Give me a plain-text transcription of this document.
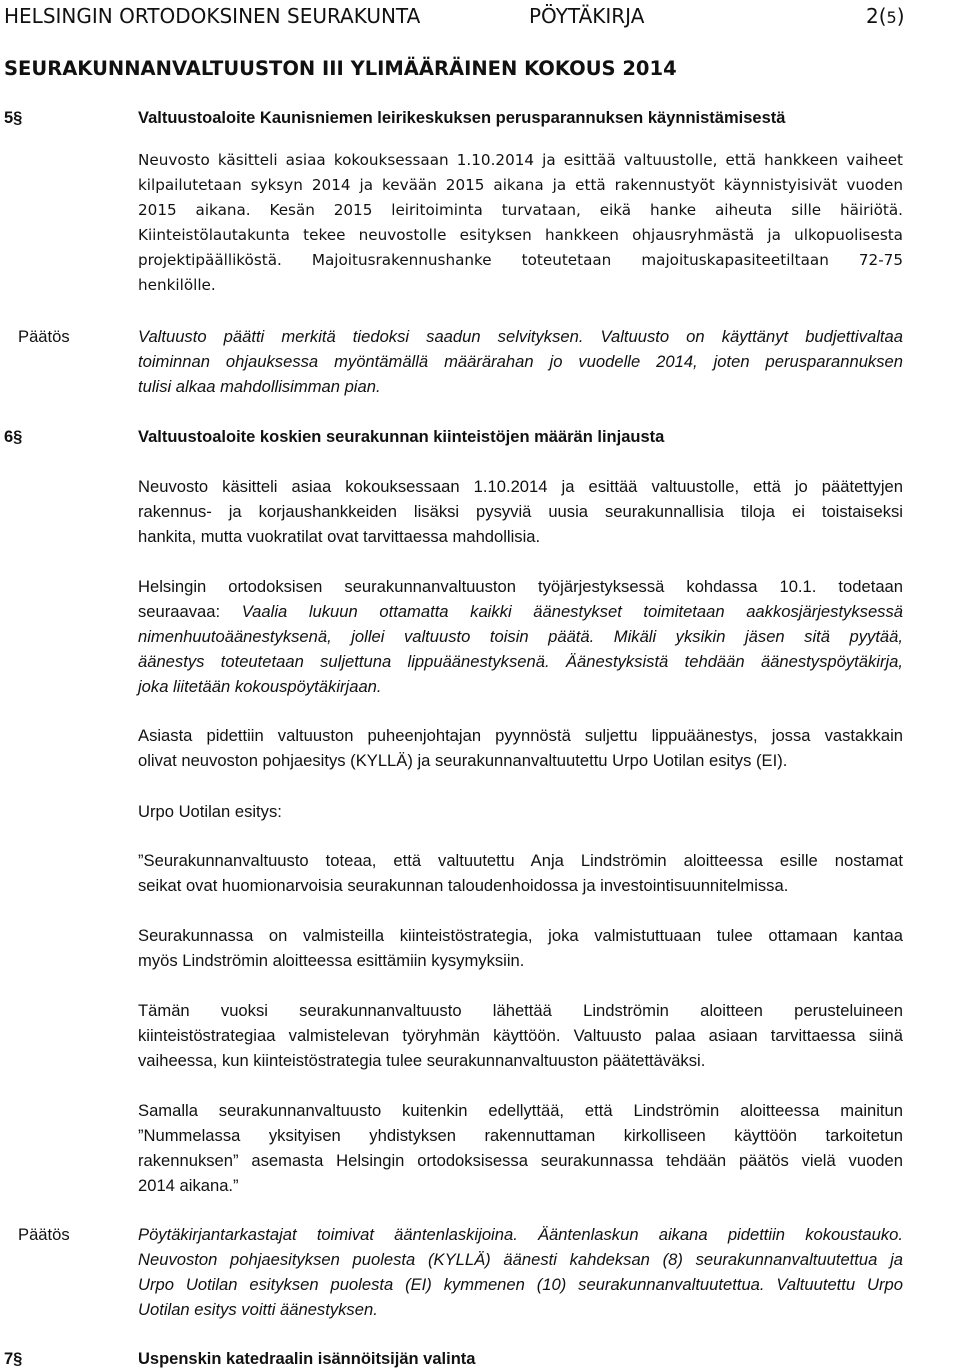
HELSINGIN ORTODOKSINEN SEURAKUNTA	PÖYTÄKIRJA	2(5)
SEURAKUNNANVALTUUSTON III YLIMÄÄRÄINEN KOKOUS 2014
5§	Valtuustoaloite Kaunisniemen leirikeskuksen perusparannuksen käynnistämisestä
Neuvosto käsitteli asiaa kokouksessaan 1.10.2014 ja esittää valtuustolle, että hankkeen vaiheet
kilpailutetaan syksyn 2014 ja kevään 2015 aikana ja että rakennustyöt käynnistyisivät vuoden
2015 aikana. Kesän 2015 leiritoiminta turvataan, eikä hanke aiheuta sille häiriötä.
Kiinteistölautakunta tekee neuvostolle esityksen hankkeen ohjausryhmästä ja ulkopuolisesta
projektipäälliköstä. Majoitusrakennushanke toteutetaan majoituskapasiteetiltaan 72-75
henkilölle.
Päätös	Valtuusto päätti merkitä tiedoksi saadun selvityksen. Valtuusto on käyttänyt budjettivaltaa
toiminnan ohjauksessa myöntämällä määrärahan jo vuodelle 2014, joten perusparannuksen
tulisi alkaa mahdollisimman pian.
6§	Valtuustoaloite koskien seurakunnan kiinteistöjen määrän linjausta
Neuvosto käsitteli asiaa kokouksessaan 1.10.2014 ja esittää valtuustolle, että jo päätettyjen
rakennus- ja korjaushankkeiden lisäksi pysyviä uusia seurakunnallisia tiloja ei toistaiseksi
hankita, mutta vuokratilat ovat tarvittaessa mahdollisia.
Helsingin ortodoksisen seurakunnanvaltuuston työjärjestyksessä kohdassa 10.1. todetaan
seuraavaa: Vaalia lukuun ottamatta kaikki äänestykset toimitetaan aakkosjärjestyksessä
nimenhuutoäänestyksenä, jollei valtuusto toisin päätä. Mikäli yksikin jäsen sitä pyytää,
äänestys toteutetaan suljettuna lippuäänestyksenä. Äänestyksistä tehdään äänestyspöytäkirja,
joka liitetään kokouspöytäkirjaan.
Asiasta pidettiin valtuuston puheenjohtajan pyynnöstä suljettu lippuäänestys, jossa vastakkain
olivat neuvoston pohjaesitys (KYLLÄ) ja seurakunnanvaltuutettu Urpo Uotilan esitys (EI).
Urpo Uotilan esitys:
”Seurakunnanvaltuusto toteaa, että valtuutettu Anja Lindströmin aloitteessa esille nostamat
seikat ovat huomionarvoisia seurakunnan taloudenhoidossa ja investointisuunnitelmissa.
Seurakunnassa on valmisteilla kiinteistöstrategia, joka valmistuttuaan tulee ottamaan kantaa
myös Lindströmin aloitteessa esittämiin kysymyksiin.
Tämän vuoksi seurakunnanvaltuusto lähettää Lindströmin aloitteen perusteluineen
kiinteistöstrategiaa valmistelevan työryhmän käyttöön. Valtuusto palaa asiaan tarvittaessa siinä
vaiheessa, kun kiinteistöstrategia tulee seurakunnanvaltuuston päätettäväksi.
Samalla seurakunnanvaltuusto kuitenkin edellyttää, että Lindströmin aloitteessa mainitun
”Nummelassa yksityisen yhdistyksen rakennuttaman kirkolliseen käyttöön tarkoitetun
rakennuksen” asemasta Helsingin ortodoksisessa seurakunnassa tehdään päätös vielä vuoden
2014 aikana.”
Päätös	Pöytäkirjantarkastajat toimivat ääntenlaskijoina. Ääntenlaskun aikana pidettiin kokoustauko.
Neuvoston pohjaesityksen puolesta (KYLLÄ) äänesti kahdeksan (8) seurakunnanvaltuutettua ja
Urpo Uotilan esityksen puolesta (EI) kymmenen (10) seurakunnanvaltuutettua. Valtuutettu Urpo
Uotilan esitys voitti äänestyksen.
7§	Uspenskin katedraalin isännöitsijän valinta
